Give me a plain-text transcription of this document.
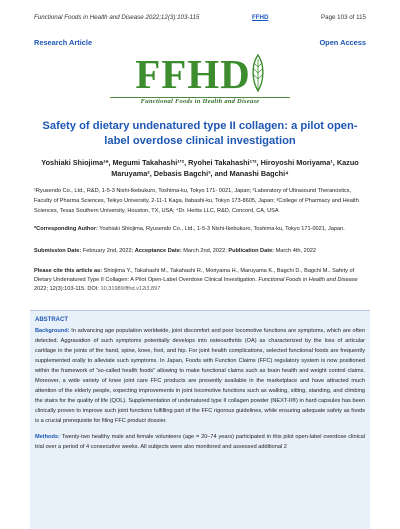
Functional Foods in Health and Disease 2022;12(3):103-115	FFHD	Page 103 of 115
Research Article	Open Access
FFHD
Functional Foods in Health and Disease
Safety of dietary undenatured type II collagen: a pilot open-label overdose clinical investigation
Yoshiaki Shiojima¹*, Megumi Takahashi¹ʼ², Ryohei Takahashi¹ʼ², Hiroyoshi Moriyama¹, Kazuo Maruyama², Debasis Bagchi³, and Manashi Bagchi⁴
¹Ryusendo Co., Ltd., R&D, 1-5-3 Nishi-Ikebukuro, Toshima-ku, Tokyo 171- 0021, Japan; ²Laboratory of Ultrasound Theranostics, Faculty of Pharma Sciences, Teikyo University, 2-11-1 Kaga, Itabashi-ku, Tokyo 173-8605, Japan; ³College of Pharmacy and Health Sciences, Texas Southern University, Houston, TX, USA; ⁴Dr. Herbs LLC, R&D, Concord, CA, USA
*Corresponding Author: Yoshiaki Shiojima, Ryusendo Co., Ltd., 1-5-3 Nishi-Ikebukuro, Toshima-ku, Tokyo 171-0021, Japan.
Submission Date: February 2nd, 2022; Acceptance Date: March 2nd, 2022; Publication Date: March 4th, 2022
Please cite this article as: Shiojima Y., Takahashi M., Takahashi R., Moriyama H., Maruyama K., Bagchi D., Bagchi M.. Safety of Dietary Undenatured Type II Collagen: A Pilot Open-Label Overdose Clinical Investigation. Functional Foods in Health and Disease 2022; 12(3):103-115. DOI: 10.31989/ffhd.v12i3.897
ABSTRACT

Background: In advancing age population worldwide, joint discomfort and poor locomotive functions are symptoms, which are often detected. Aggravation of such symptoms potentially develops into osteoarthritis (OA) as characterized by the loss of articular cartilage in the joints of the hand, spine, knee, foot, and hip. For joint health complications, selected functional foods are frequently supplemented orally to alleviate such symptoms. In Japan, Foods with Function Claims (FFC) regulatory system is now positioned within the framework of “so-called health foods” allowing to make functional claims such as brain health and weight control claims. Moreover, a wide variety of knee joint care FFC products are presently available in the marketplace and have attracted much attention of the elderly people, expecting improvements in joint locomotive functions such as walking, sitting, standing, and climbing the stairs for the quality of life (QOL). Supplementation of undenatured type II collagen powder (NEXT-II®) in hard capsules has been clinically proven to improve such joint functions fulfilling part of the FFC rigorous guidelines, while ensuring adequate safety as foods is a crucial prerequisite for filing FFC product dossier.

Methods: Twenty-two healthy male and female volunteers (age = 20–74 years) participated in this pilot open-label overdose clinical trial over a period of 4 consecutive weeks. All subjects were also monitored and assessed additional 2
